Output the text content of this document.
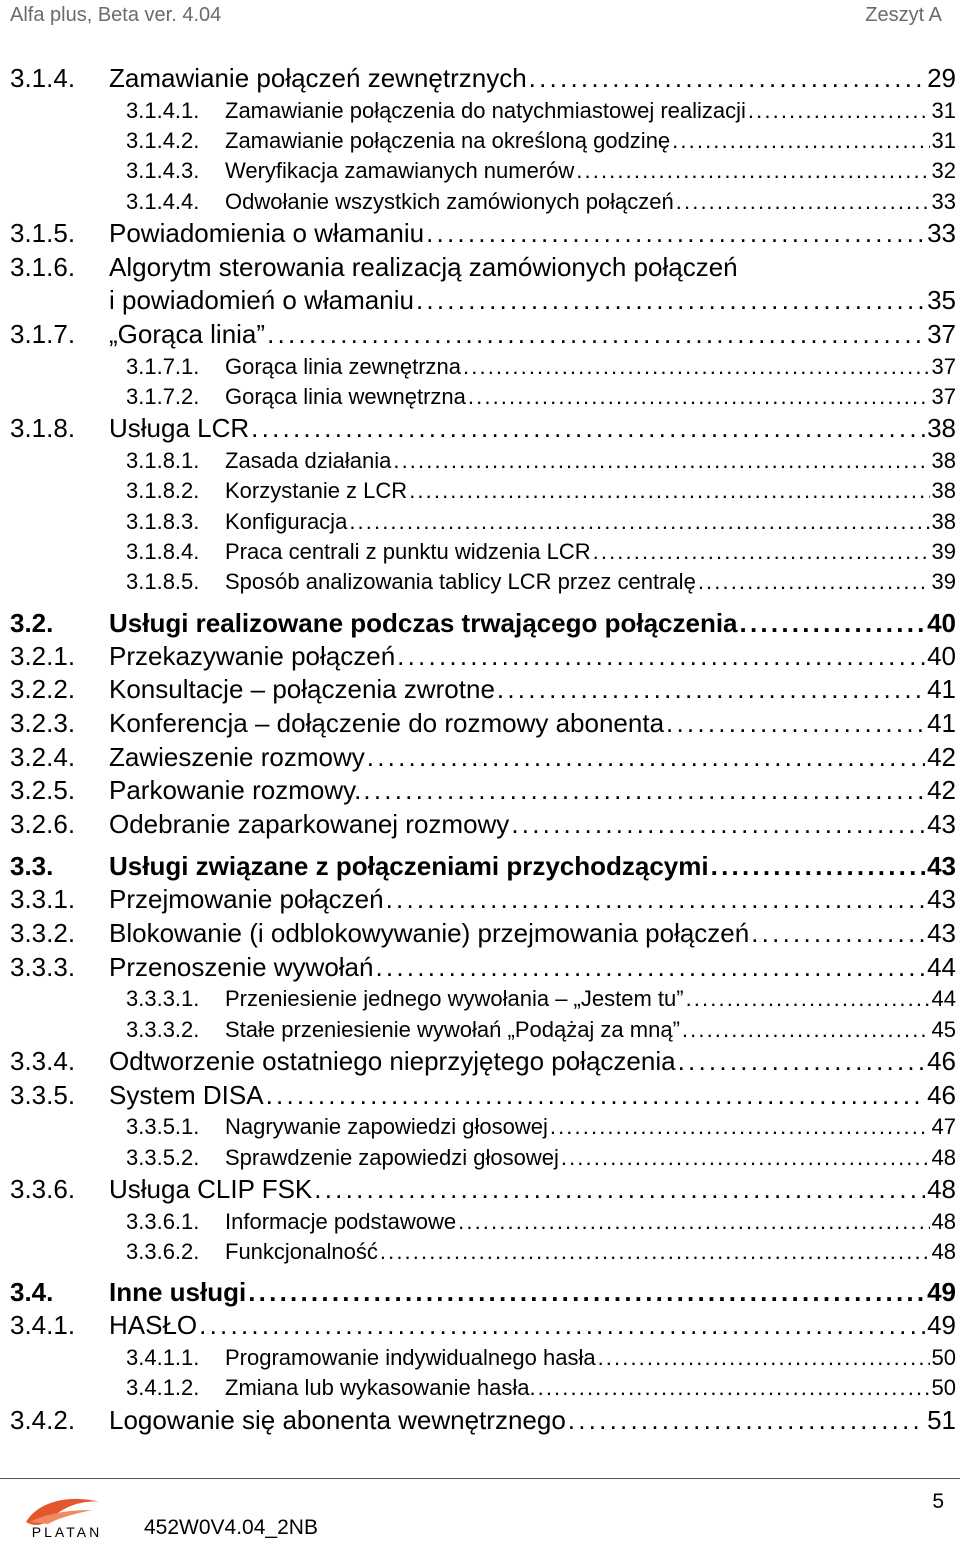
Alfa plus, Beta ver. 4.04	Zeszyt A
3.1.4.	Zamawianie połączeń zewnętrznych . . .	29
3.1.4.1.	Zamawianie połączenia do natychmiastowej realizacji . . .	31
3.1.4.2.	Zamawianie połączenia na określoną godzinę . . .	31
3.1.4.3.	Weryfikacja zamawianych numerów . . .	32
3.1.4.4.	Odwołanie wszystkich zamówionych połączeń . . .	33
3.1.5.	Powiadomienia o włamaniu . . .	33
3.1.6.	Algorytm sterowania realizacją zamówionych połączeń
i powiadomień o włamaniu . . .	35
3.1.7.	„Gorąca linia” . . .	37
3.1.7.1.	Gorąca linia zewnętrzna . . .	37
3.1.7.2.	Gorąca linia wewnętrzna . . .	37
3.1.8.	Usługa LCR . . .	38
3.1.8.1.	Zasada działania . . .	38
3.1.8.2.	Korzystanie z LCR . . .	38
3.1.8.3.	Konfiguracja . . .	38
3.1.8.4.	Praca centrali z punktu widzenia LCR . . .	39
3.1.8.5.	Sposób analizowania tablicy LCR przez centralę . . .	39
3.2.	Usługi realizowane podczas trwającego połączenia . . .	40
3.2.1.	Przekazywanie połączeń . . .	40
3.2.2.	Konsultacje – połączenia zwrotne . . .	41
3.2.3.	Konferencja – dołączenie do rozmowy abonenta . . .	41
3.2.4.	Zawieszenie rozmowy . . .	42
3.2.5.	Parkowanie rozmowy. . . .	42
3.2.6.	Odebranie zaparkowanej rozmowy . . .	43
3.3.	Usługi związane z połączeniami przychodzącymi . . .	43
3.3.1.	Przejmowanie połączeń . . .	43
3.3.2.	Blokowanie (i odblokowywanie) przejmowania połączeń . . .	43
3.3.3.	Przenoszenie wywołań . . .	44
3.3.3.1.	Przeniesienie jednego wywołania – „Jestem tu” . . .	44
3.3.3.2.	Stałe przeniesienie wywołań „Podążaj za mną” . . .	45
3.3.4.	Odtworzenie ostatniego nieprzyjętego połączenia . . .	46
3.3.5.	System DISA . . .	46
3.3.5.1.	Nagrywanie zapowiedzi głosowej . . .	47
3.3.5.2.	Sprawdzenie zapowiedzi głosowej . . .	48
3.3.6.	Usługa CLIP FSK . . .	48
3.3.6.1.	Informacje podstawowe . . .	48
3.3.6.2.	Funkcjonalność . . .	48
3.4.	Inne usługi . . .	49
3.4.1.	HASŁO . . .	49
3.4.1.1.	Programowanie indywidualnego hasła . . .	50
3.4.1.2.	Zmiana lub wykasowanie hasła. . . .	50
3.4.2.	Logowanie się abonenta wewnętrznego . . .	51
PLATAN 452W0V4.04_2NB
5
